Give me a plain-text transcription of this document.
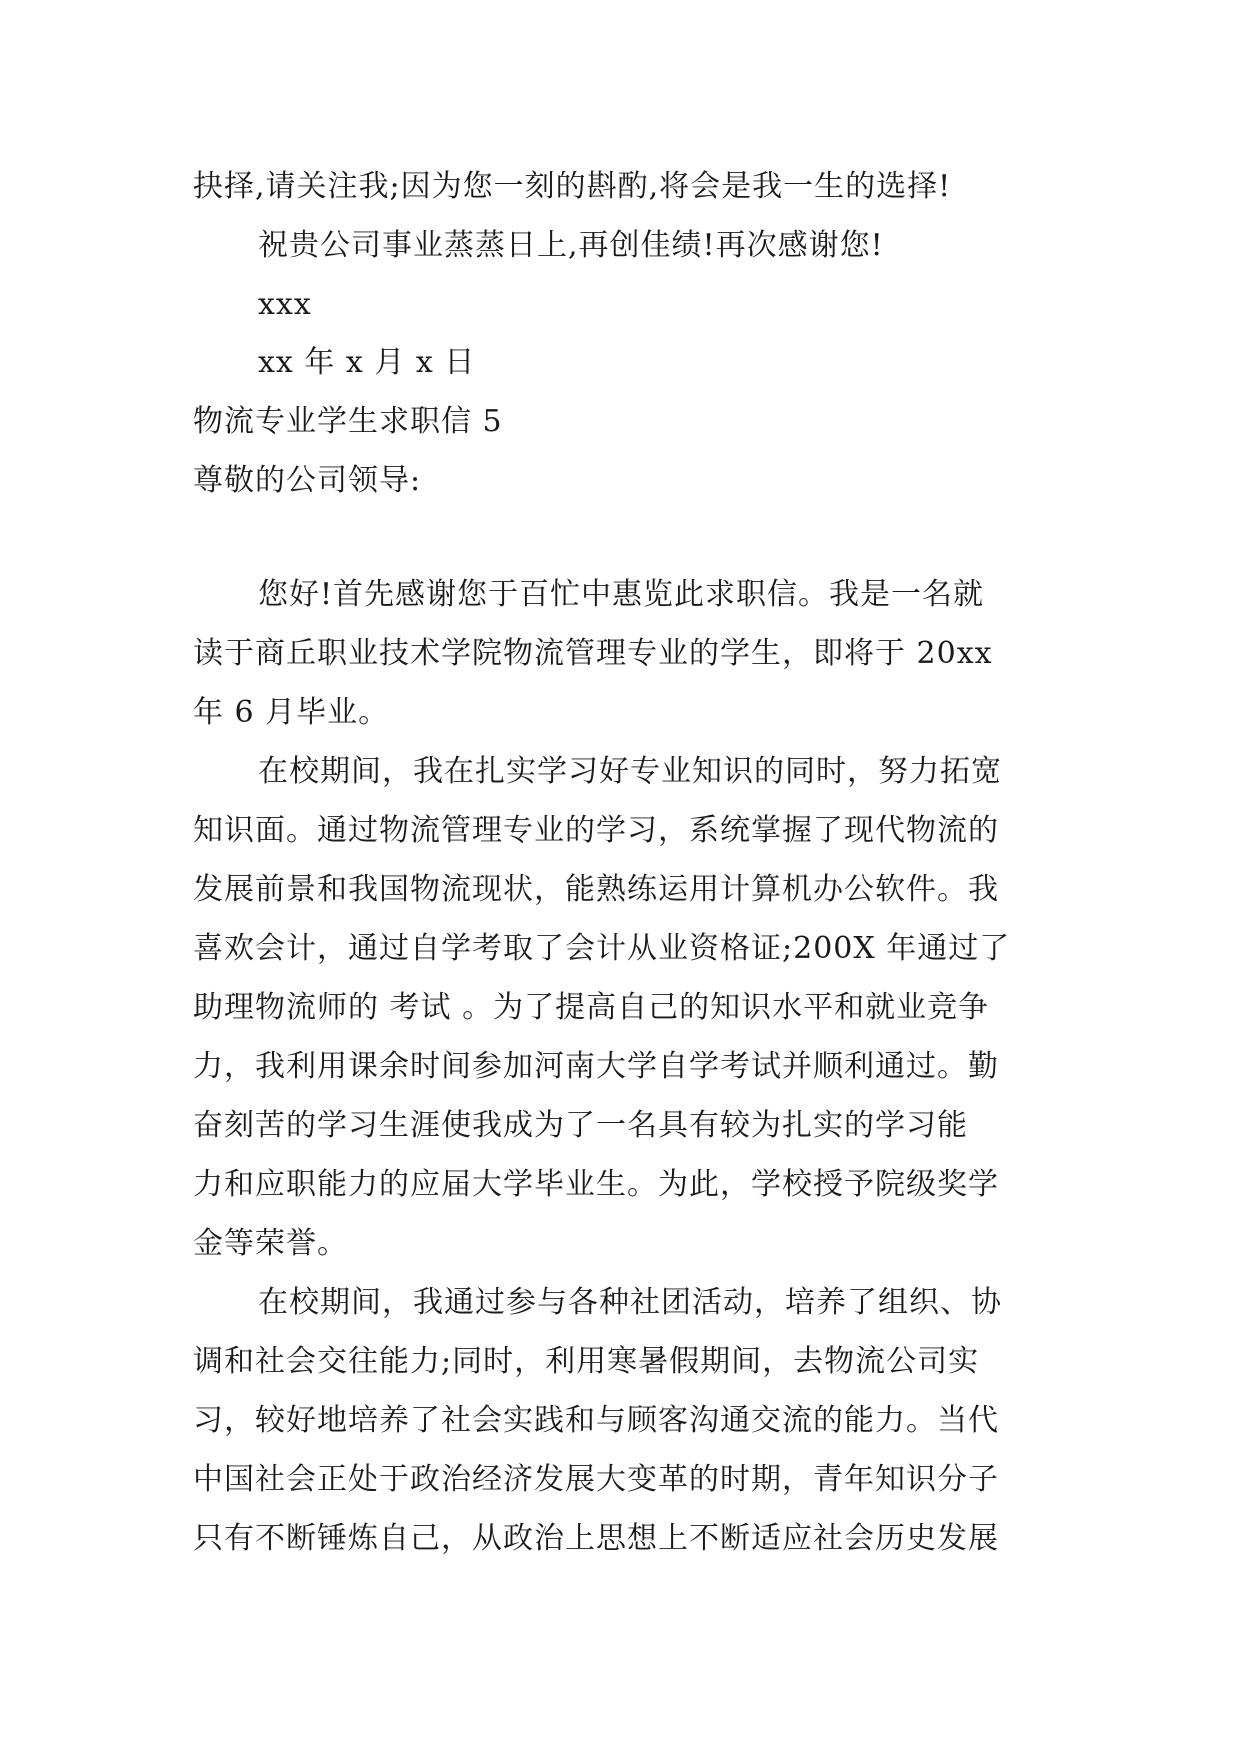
抉择,请关注我;因为您一刻的斟酌,将会是我一生的选择!
祝贵公司事业蒸蒸日上,再创佳绩!再次感谢您!
xxx
xx 年 x 月 x 日
物流专业学生求职信 5
尊敬的公司领导:
您好!首先感谢您于百忙中惠览此求职信。我是一名就
读于商丘职业技术学院物流管理专业的学生，即将于 20xx
年 6 月毕业。
在校期间，我在扎实学习好专业知识的同时，努力拓宽
知识面。通过物流管理专业的学习，系统掌握了现代物流的
发展前景和我国物流现状，能熟练运用计算机办公软件。我
喜欢会计，通过自学考取了会计从业资格证;200X 年通过了
助理物流师的 考试 。为了提高自己的知识水平和就业竞争
力，我利用课余时间参加河南大学自学考试并顺利通过。勤
奋刻苦的学习生涯使我成为了一名具有较为扎实的学习能
力和应职能力的应届大学毕业生。为此，学校授予院级奖学
金等荣誉。
在校期间，我通过参与各种社团活动，培养了组织、协
调和社会交往能力;同时，利用寒暑假期间，去物流公司实
习，较好地培养了社会实践和与顾客沟通交流的能力。当代
中国社会正处于政治经济发展大变革的时期，青年知识分子
只有不断锤炼自己，从政治上思想上不断适应社会历史发展
